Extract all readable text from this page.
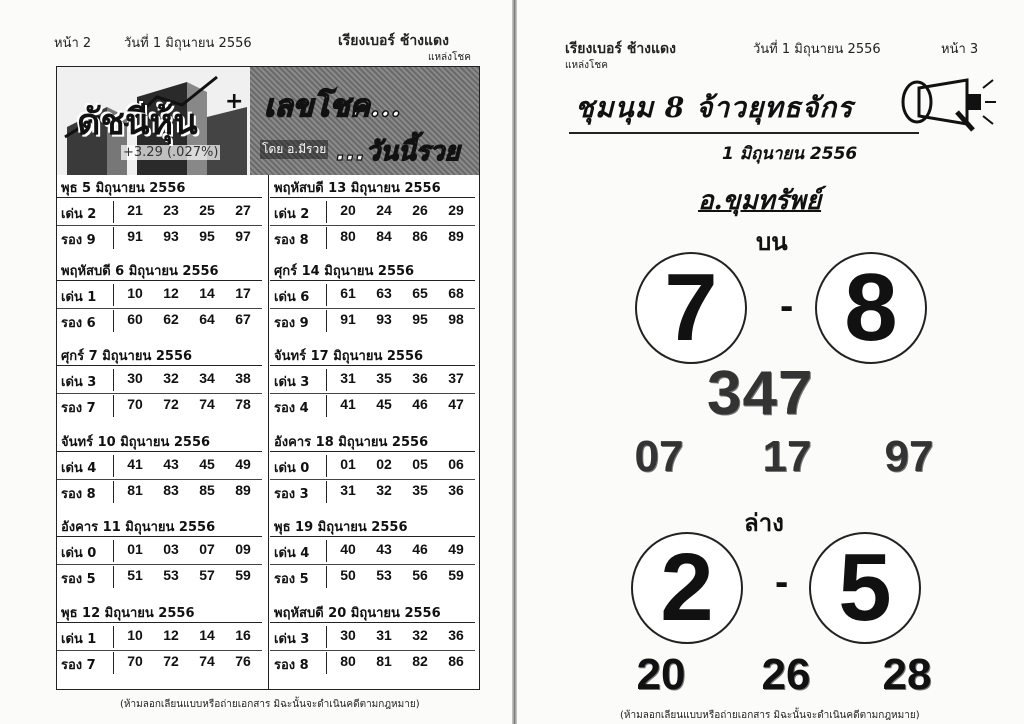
หน้า 2	วันที่ 1 มิถุนายน 2556	เรียงเบอร์ ช้างแดง
แหล่งโชค
ดัชนีหุ้น +
+3.29 (.027%)
เลขโชค...
โดย อ.มีรวย ...วันนี้รวย
พุธ 5 มิถุนายน 2556
เด่น 2	21	23	25	27
รอง 9	91	93	95	97
พฤหัสบดี 13 มิถุนายน 2556
เด่น 2	20	24	26	29
รอง 8	80	84	86	89
พฤหัสบดี 6 มิถุนายน 2556
เด่น 1	10	12	14	17
รอง 6	60	62	64	67
ศุกร์ 14 มิถุนายน 2556
เด่น 6	61	63	65	68
รอง 9	91	93	95	98
ศุกร์ 7 มิถุนายน 2556
เด่น 3	30	32	34	38
รอง 7	70	72	74	78
จันทร์ 17 มิถุนายน 2556
เด่น 3	31	35	36	37
รอง 4	41	45	46	47
จันทร์ 10 มิถุนายน 2556
เด่น 4	41	43	45	49
รอง 8	81	83	85	89
อังคาร 18 มิถุนายน 2556
เด่น 0	01	02	05	06
รอง 3	31	32	35	36
อังคาร 11 มิถุนายน 2556
เด่น 0	01	03	07	09
รอง 5	51	53	57	59
พุธ 19 มิถุนายน 2556
เด่น 4	40	43	46	49
รอง 5	50	53	56	59
พุธ 12 มิถุนายน 2556
เด่น 1	10	12	14	16
รอง 7	70	72	74	76
พฤหัสบดี 20 มิถุนายน 2556
เด่น 3	30	31	32	36
รอง 8	80	81	82	86
(ห้ามลอกเลียนแบบหรือถ่ายเอกสาร มิฉะนั้นจะดำเนินคดีตามกฎหมาย)
เรียงเบอร์ ช้างแดง
แหล่งโชค
วันที่ 1 มิถุนายน 2556	หน้า 3
ชุมนุม 8 จ้าวยุทธจักร
1 มิถุนายน 2556
อ.ขุมทรัพย์
บน
7	- 8
347
07	17	97
ล่าง
2	- 5
20	26	28
(ห้ามลอกเลียนแบบหรือถ่ายเอกสาร มิฉะนั้นจะดำเนินคดีตามกฎหมาย)
